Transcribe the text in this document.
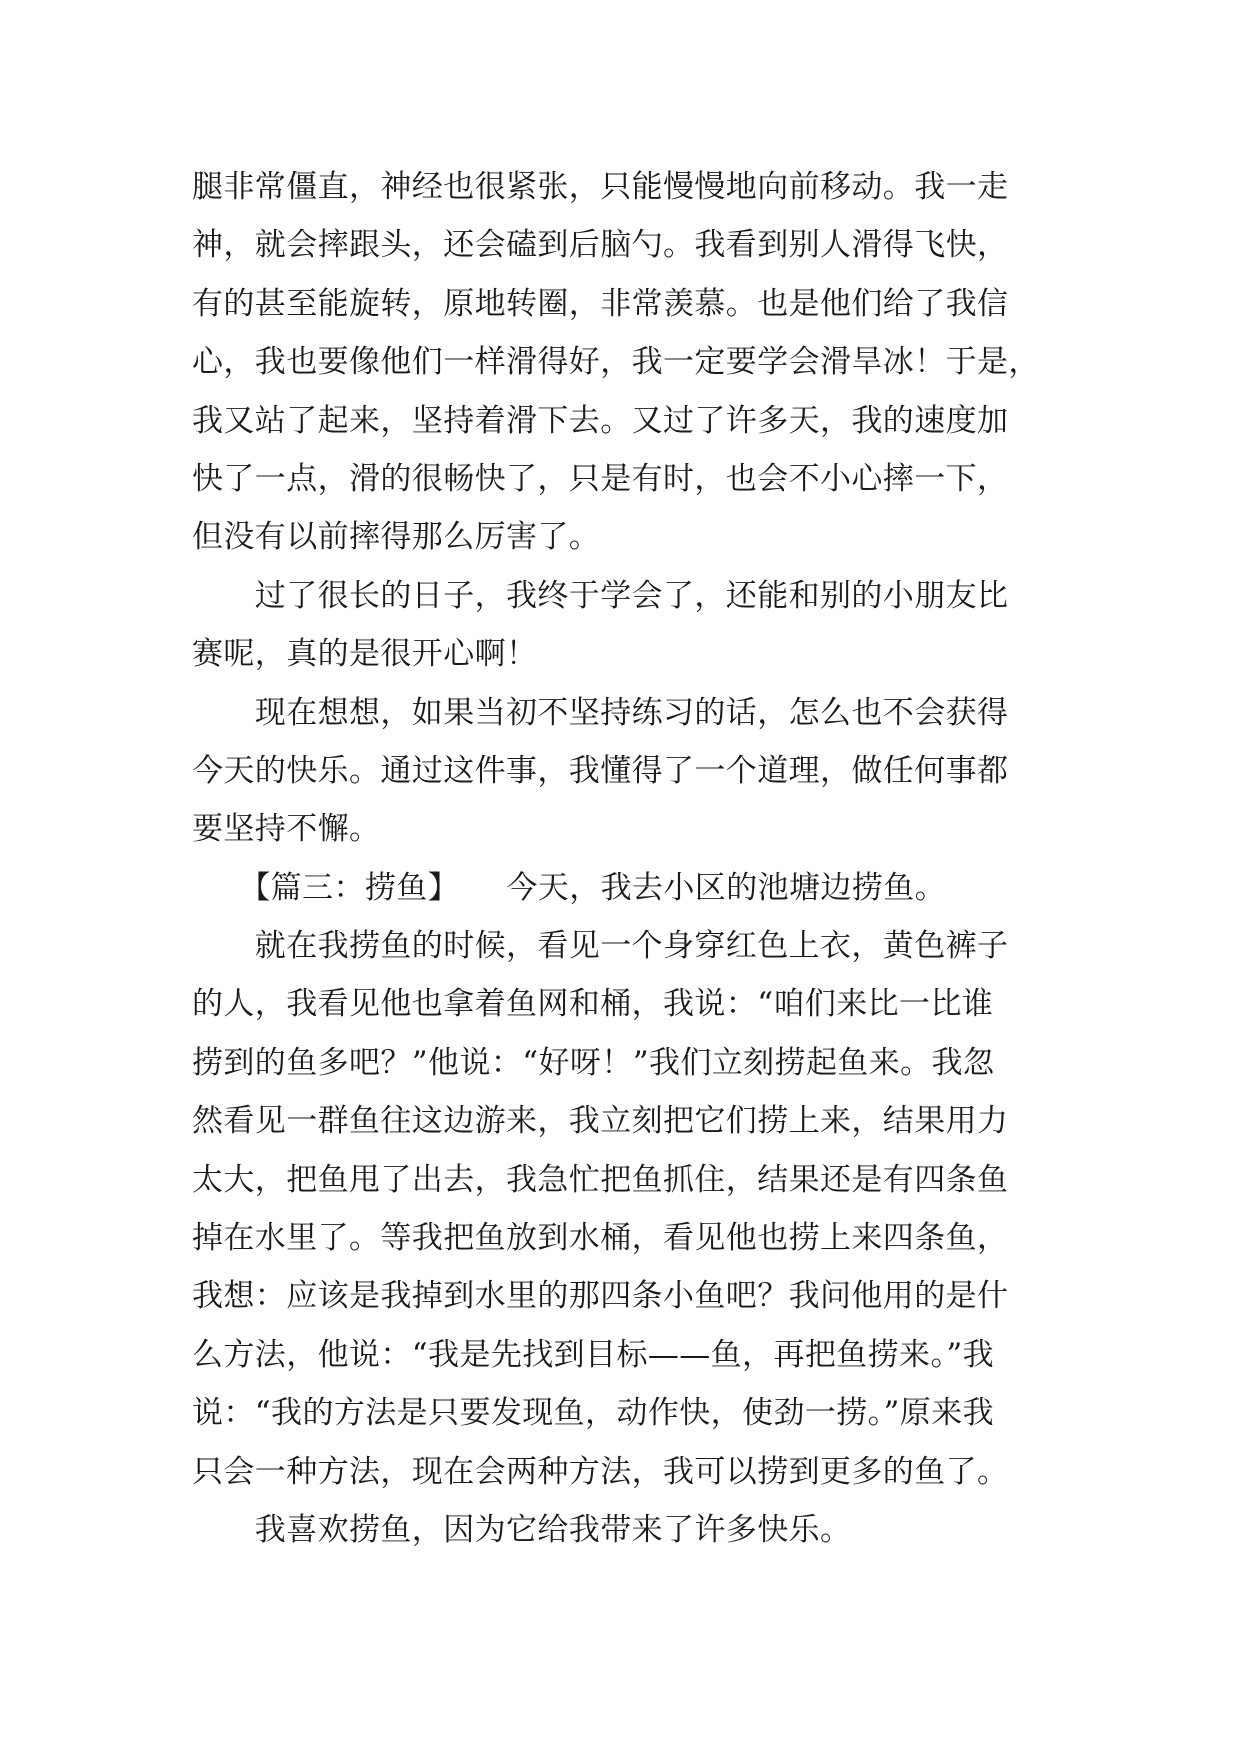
腿非常僵直，神经也很紧张，只能慢慢地向前移动。我一走
神，就会摔跟头，还会磕到后脑勺。我看到别人滑得飞快，
有的甚至能旋转，原地转圈，非常羡慕。也是他们给了我信
心，我也要像他们一样滑得好，我一定要学会滑旱冰！于是，
我又站了起来，坚持着滑下去。又过了许多天，我的速度加
快了一点，滑的很畅快了，只是有时，也会不小心摔一下，
但没有以前摔得那么厉害了。
　　过了很长的日子，我终于学会了，还能和别的小朋友比
赛呢，真的是很开心啊！
　　现在想想，如果当初不坚持练习的话，怎么也不会获得
今天的快乐。通过这件事，我懂得了一个道理，做任何事都
要坚持不懈。
　　【篇三：捞鱼】　　今天，我去小区的池塘边捞鱼。
　　就在我捞鱼的时候，看见一个身穿红色上衣，黄色裤子
的人，我看见他也拿着鱼网和桶，我说：“咱们来比一比谁
捞到的鱼多吧？”他说：“好呀！”我们立刻捞起鱼来。我忽
然看见一群鱼往这边游来，我立刻把它们捞上来，结果用力
太大，把鱼甩了出去，我急忙把鱼抓住，结果还是有四条鱼
掉在水里了。等我把鱼放到水桶，看见他也捞上来四条鱼，
我想：应该是我掉到水里的那四条小鱼吧？我问他用的是什
么方法，他说：“我是先找到目标——鱼，再把鱼捞来。”我
说：“我的方法是只要发现鱼，动作快，使劲一捞。”原来我
只会一种方法，现在会两种方法，我可以捞到更多的鱼了。
　　我喜欢捞鱼，因为它给我带来了许多快乐。
